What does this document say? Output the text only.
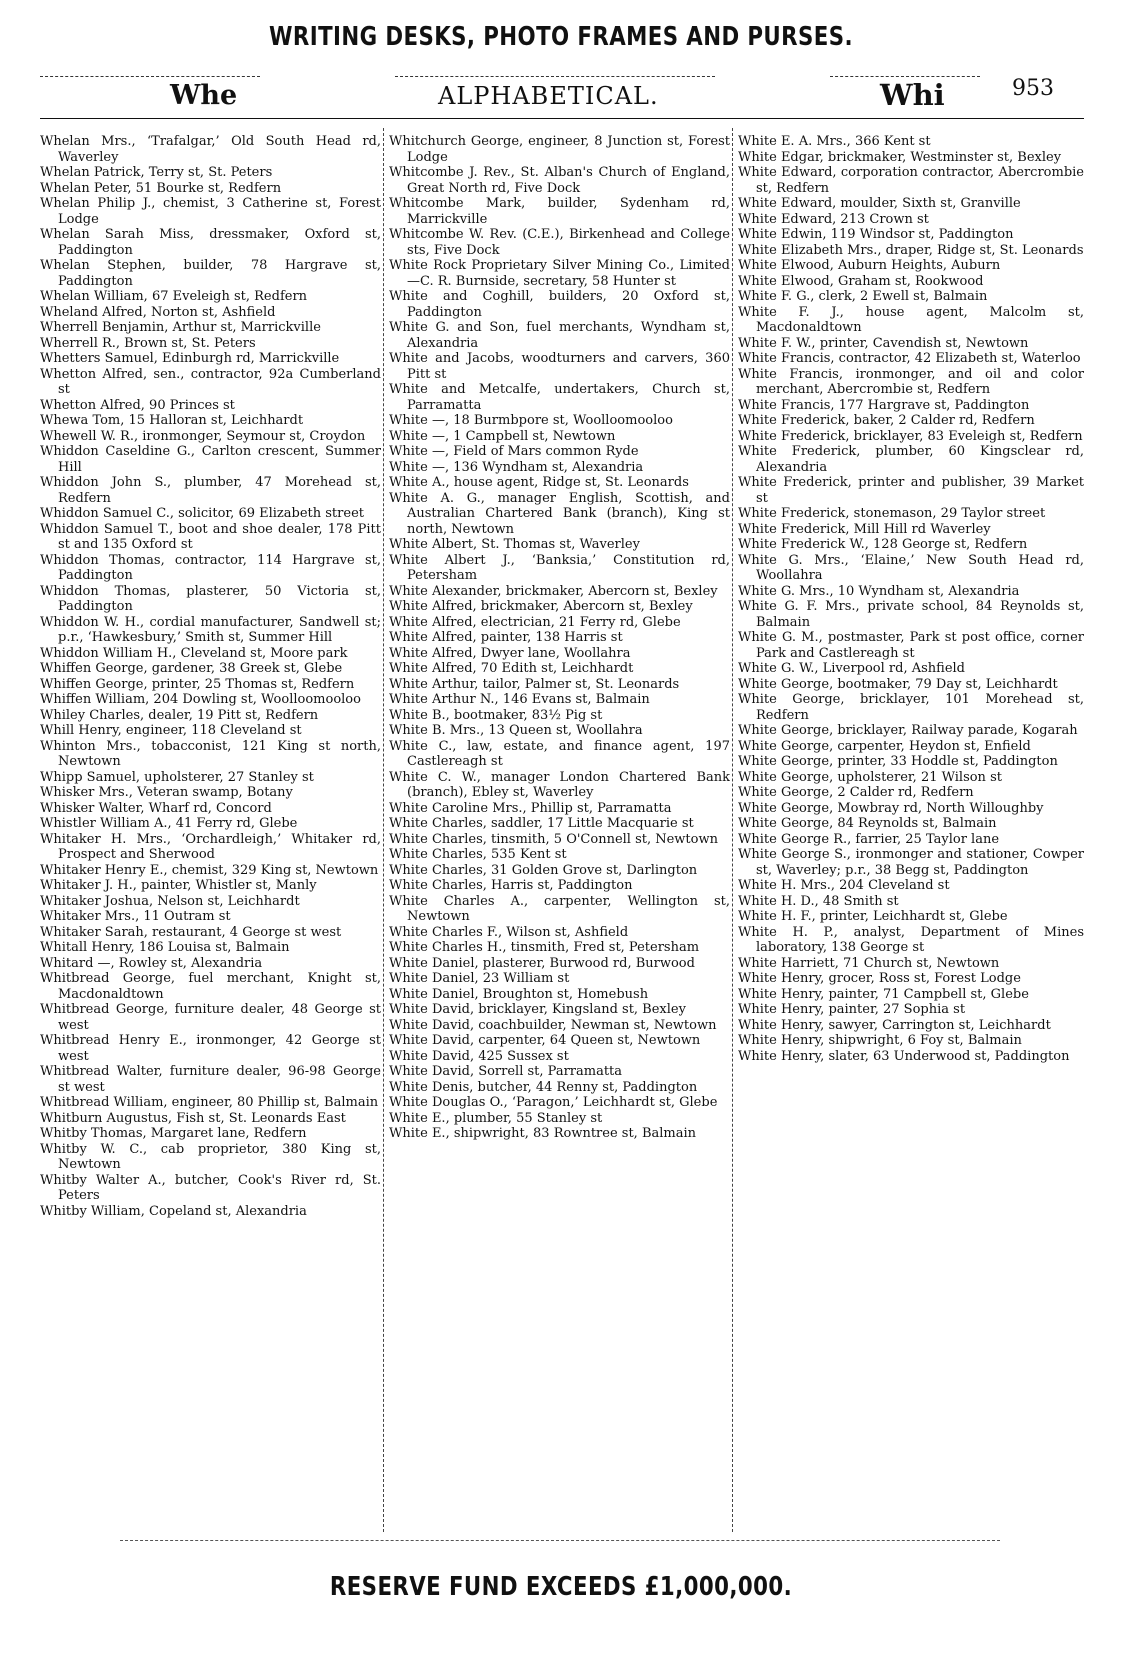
WRITING DESKS, PHOTO FRAMES AND PURSES.
Whe	ALPHABETICAL.	Whi	953

Whelan Mrs., ‘Trafalgar,’ Old South Head rd, Waverley

Whelan Patrick, Terry st, St. Peters

Whelan Peter, 51 Bourke st, Redfern

Whelan Philip J., chemist, 3 Catherine st, Forest Lodge

Whelan Sarah Miss, dressmaker, Oxford st, Paddington

Whelan Stephen, builder, 78 Hargrave st, Paddington

Whelan William, 67 Eveleigh st, Redfern

Wheland Alfred, Norton st, Ashfield

Wherrell Benjamin, Arthur st, Marrickville

Wherrell R., Brown st, St. Peters

Whetters Samuel, Edinburgh rd, Marrickville

Whetton Alfred, sen., contractor, 92a Cumberland st

Whetton Alfred, 90 Princes st

Whewa Tom, 15 Halloran st, Leichhardt

Whewell W. R., ironmonger, Seymour st, Croydon

Whiddon Caseldine G., Carlton crescent, Summer Hill

Whiddon John S., plumber, 47 Morehead st, Redfern

Whiddon Samuel C., solicitor, 69 Elizabeth street

Whiddon Samuel T., boot and shoe dealer, 178 Pitt st and 135 Oxford st

Whiddon Thomas, contractor, 114 Hargrave st, Paddington

Whiddon Thomas, plasterer, 50 Victoria st, Paddington

Whiddon W. H., cordial manufacturer, Sandwell st; p.r., ‘Hawkesbury,’ Smith st, Summer Hill

Whiddon William H., Cleveland st, Moore park

Whiffen George, gardener, 38 Greek st, Glebe

Whiffen George, printer, 25 Thomas st, Redfern

Whiffen William, 204 Dowling st, Woolloomooloo

Whiley Charles, dealer, 19 Pitt st, Redfern

Whill Henry, engineer, 118 Cleveland st

Whinton Mrs., tobacconist, 121 King st north, Newtown

Whipp Samuel, upholsterer, 27 Stanley st

Whisker Mrs., Veteran swamp, Botany

Whisker Walter, Wharf rd, Concord

Whistler William A., 41 Ferry rd, Glebe

Whitaker H. Mrs., ‘Orchardleigh,’ Whitaker rd, Prospect and Sherwood

Whitaker Henry E., chemist, 329 King st, Newtown

Whitaker J. H., painter, Whistler st, Manly

Whitaker Joshua, Nelson st, Leichhardt

Whitaker Mrs., 11 Outram st

Whitaker Sarah, restaurant, 4 George st west

Whitall Henry, 186 Louisa st, Balmain

Whitard —, Rowley st, Alexandria

Whitbread George, fuel merchant, Knight st, Macdonaldtown

Whitbread George, furniture dealer, 48 George st west

Whitbread Henry E., ironmonger, 42 George st west

Whitbread Walter, furniture dealer, 96-98 George st west

Whitbread William, engineer, 80 Phillip st, Balmain

Whitburn Augustus, Fish st, St. Leonards East

Whitby Thomas, Margaret lane, Redfern

Whitby W. C., cab proprietor, 380 King st, Newtown

Whitby Walter A., butcher, Cook's River rd, St. Peters

Whitby William, Copeland st, Alexandria

Whitchurch George, engineer, 8 Junction st, Forest Lodge

Whitcombe J. Rev., St. Alban's Church of England, Great North rd, Five Dock

Whitcombe Mark, builder, Sydenham rd, Marrickville

Whitcombe W. Rev. (C.E.), Birkenhead and College sts, Five Dock

White Rock Proprietary Silver Mining Co., Limited—C. R. Burnside, secretary, 58 Hunter st

White and Coghill, builders, 20 Oxford st, Paddington

White G. and Son, fuel merchants, Wyndham st, Alexandria

White and Jacobs, woodturners and carvers, 360 Pitt st

White and Metcalfe, undertakers, Church st, Parramatta

White —, 18 Burmbpore st, Woolloomooloo

White —, 1 Campbell st, Newtown

White —, Field of Mars common Ryde

White —, 136 Wyndham st, Alexandria

White A., house agent, Ridge st, St. Leonards

White A. G., manager English, Scottish, and Australian Chartered Bank (branch), King st north, Newtown

White Albert, St. Thomas st, Waverley

White Albert J., ‘Banksia,’ Constitution rd, Petersham

White Alexander, brickmaker, Abercorn st, Bexley

White Alfred, brickmaker, Abercorn st, Bexley

White Alfred, electrician, 21 Ferry rd, Glebe

White Alfred, painter, 138 Harris st

White Alfred, Dwyer lane, Woollahra

White Alfred, 70 Edith st, Leichhardt

White Arthur, tailor, Palmer st, St. Leonards

White Arthur N., 146 Evans st, Balmain

White B., bootmaker, 83½ Pig st

White B. Mrs., 13 Queen st, Woollahra

White C., law, estate, and finance agent, 197 Castlereagh st

White C. W., manager London Chartered Bank (branch), Ebley st, Waverley

White Caroline Mrs., Phillip st, Parramatta

White Charles, saddler, 17 Little Macquarie st

White Charles, tinsmith, 5 O'Connell st, Newtown

White Charles, 535 Kent st

White Charles, 31 Golden Grove st, Darlington

White Charles, Harris st, Paddington

White Charles A., carpenter, Wellington st, Newtown

White Charles F., Wilson st, Ashfield

White Charles H., tinsmith, Fred st, Petersham

White Daniel, plasterer, Burwood rd, Burwood

White Daniel, 23 William st

White Daniel, Broughton st, Homebush

White David, bricklayer, Kingsland st, Bexley

White David, coachbuilder, Newman st, Newtown

White David, carpenter, 64 Queen st, Newtown

White David, 425 Sussex st

White David, Sorrell st, Parramatta

White Denis, butcher, 44 Renny st, Paddington

White Douglas O., ‘Paragon,’ Leichhardt st, Glebe

White E., plumber, 55 Stanley st

White E., shipwright, 83 Rowntree st, Balmain

White E. A. Mrs., 366 Kent st

White Edgar, brickmaker, Westminster st, Bexley

White Edward, corporation contractor, Abercrombie st, Redfern

White Edward, moulder, Sixth st, Granville

White Edward, 213 Crown st

White Edwin, 119 Windsor st, Paddington

White Elizabeth Mrs., draper, Ridge st, St. Leonards

White Elwood, Auburn Heights, Auburn

White Elwood, Graham st, Rookwood

White F. G., clerk, 2 Ewell st, Balmain

White F. J., house agent, Malcolm st, Macdonaldtown

White F. W., printer, Cavendish st, Newtown

White Francis, contractor, 42 Elizabeth st, Waterloo

White Francis, ironmonger, and oil and color merchant, Abercrombie st, Redfern

White Francis, 177 Hargrave st, Paddington

White Frederick, baker, 2 Calder rd, Redfern

White Frederick, bricklayer, 83 Eveleigh st, Redfern

White Frederick, plumber, 60 Kingsclear rd, Alexandria

White Frederick, printer and publisher, 39 Market st

White Frederick, stonemason, 29 Taylor street

White Frederick, Mill Hill rd Waverley

White Frederick W., 128 George st, Redfern

White G. Mrs., ‘Elaine,’ New South Head rd, Woollahra

White G. Mrs., 10 Wyndham st, Alexandria

White G. F. Mrs., private school, 84 Reynolds st, Balmain

White G. M., postmaster, Park st post office, corner Park and Castlereagh st

White G. W., Liverpool rd, Ashfield

White George, bootmaker, 79 Day st, Leichhardt

White George, bricklayer, 101 Morehead st, Redfern

White George, bricklayer, Railway parade, Kogarah

White George, carpenter, Heydon st, Enfield

White George, printer, 33 Hoddle st, Paddington

White George, upholsterer, 21 Wilson st

White George, 2 Calder rd, Redfern

White George, Mowbray rd, North Willoughby

White George, 84 Reynolds st, Balmain

White George R., farrier, 25 Taylor lane

White George S., ironmonger and stationer, Cowper st, Waverley; p.r., 38 Begg st, Paddington

White H. Mrs., 204 Cleveland st

White H. D., 48 Smith st

White H. F., printer, Leichhardt st, Glebe

White H. P., analyst, Department of Mines laboratory, 138 George st

White Harriett, 71 Church st, Newtown

White Henry, grocer, Ross st, Forest Lodge

White Henry, painter, 71 Campbell st, Glebe

White Henry, painter, 27 Sophia st

White Henry, sawyer, Carrington st, Leichhardt

White Henry, shipwright, 6 Foy st, Balmain

White Henry, slater, 63 Underwood st, Paddington

RESERVE FUND EXCEEDS £1,000,000.
